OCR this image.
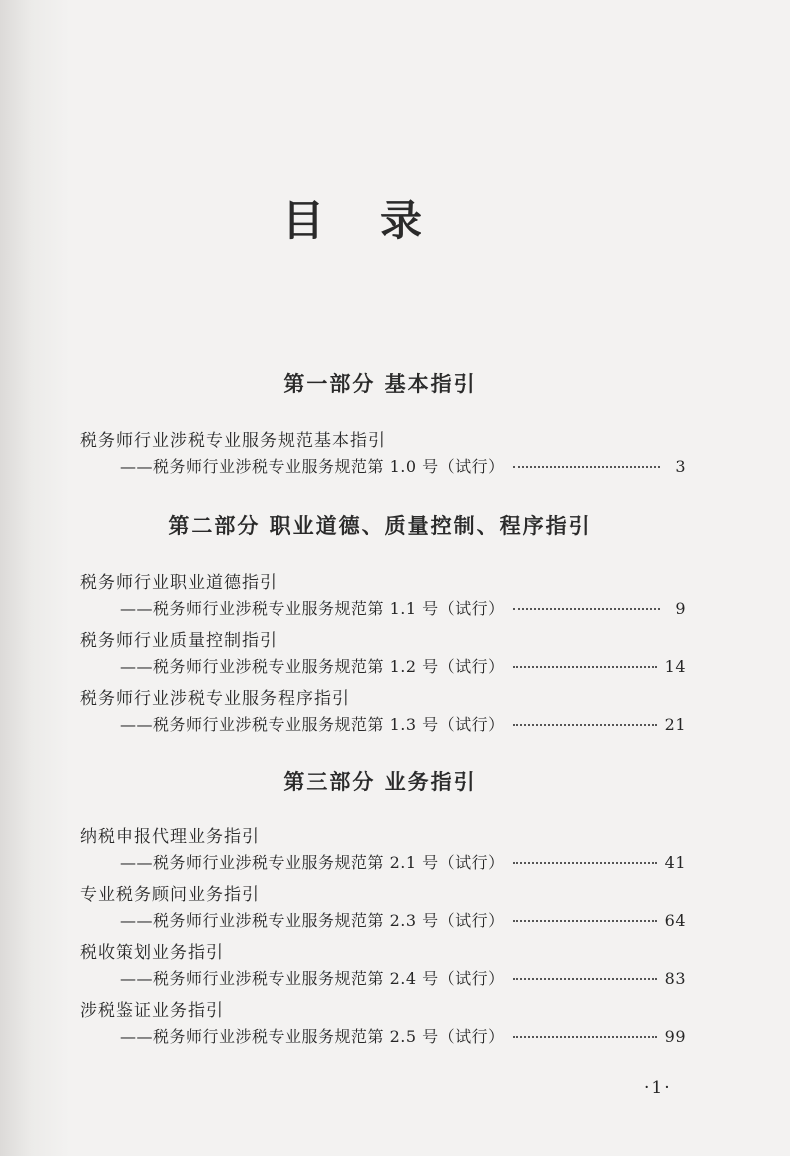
目录
第一部分 基本指引
税务师行业涉税专业服务规范基本指引
——税务师行业涉税专业服务规范第 1.0 号（试行）	3
第二部分 职业道德、质量控制、程序指引
税务师行业职业道德指引
——税务师行业涉税专业服务规范第 1.1 号（试行）	9
税务师行业质量控制指引
——税务师行业涉税专业服务规范第 1.2 号（试行）	14
税务师行业涉税专业服务程序指引
——税务师行业涉税专业服务规范第 1.3 号（试行）	21
第三部分 业务指引
纳税申报代理业务指引
——税务师行业涉税专业服务规范第 2.1 号（试行）	41
专业税务顾问业务指引
——税务师行业涉税专业服务规范第 2.3 号（试行）	64
税收策划业务指引
——税务师行业涉税专业服务规范第 2.4 号（试行）	83
涉税鉴证业务指引
——税务师行业涉税专业服务规范第 2.5 号（试行）	99
·1·
